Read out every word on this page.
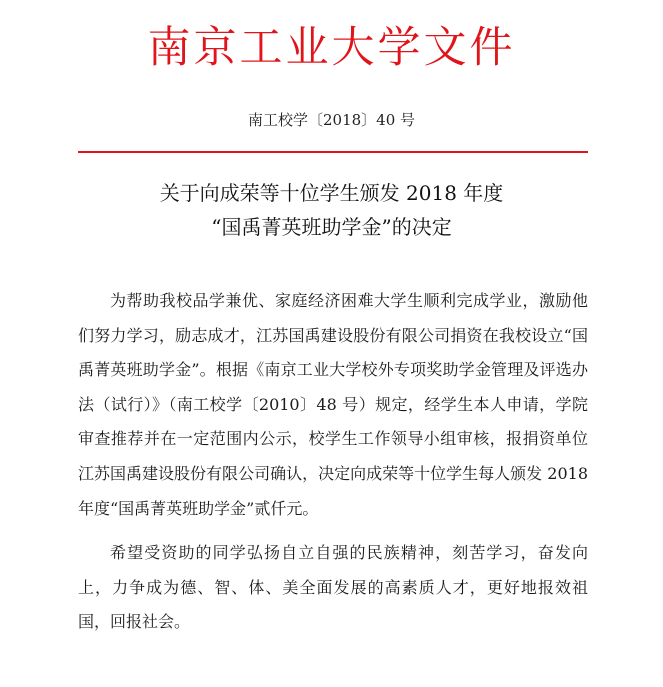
南京工业大学文件
南工校学〔2018〕40 号
关于向成荣等十位学生颁发 2018 年度
“国禹菁英班助学金”的决定

为帮助我校品学兼优、家庭经济困难大学生顺利完成学业，激励他们努力学习，励志成才，江苏国禹建设股份有限公司捐资在我校设立“国禹菁英班助学金”。根据《南京工业大学校外专项奖助学金管理及评选办法（试行）》（南工校学〔2010〕48 号）规定，经学生本人申请，学院审查推荐并在一定范围内公示，校学生工作领导小组审核，报捐资单位江苏国禹建设股份有限公司确认，决定向成荣等十位学生每人颁发 2018 年度“国禹菁英班助学金”贰仟元。

希望受资助的同学弘扬自立自强的民族精神，刻苦学习，奋发向上，力争成为德、智、体、美全面发展的高素质人才，更好地报效祖国，回报社会。
